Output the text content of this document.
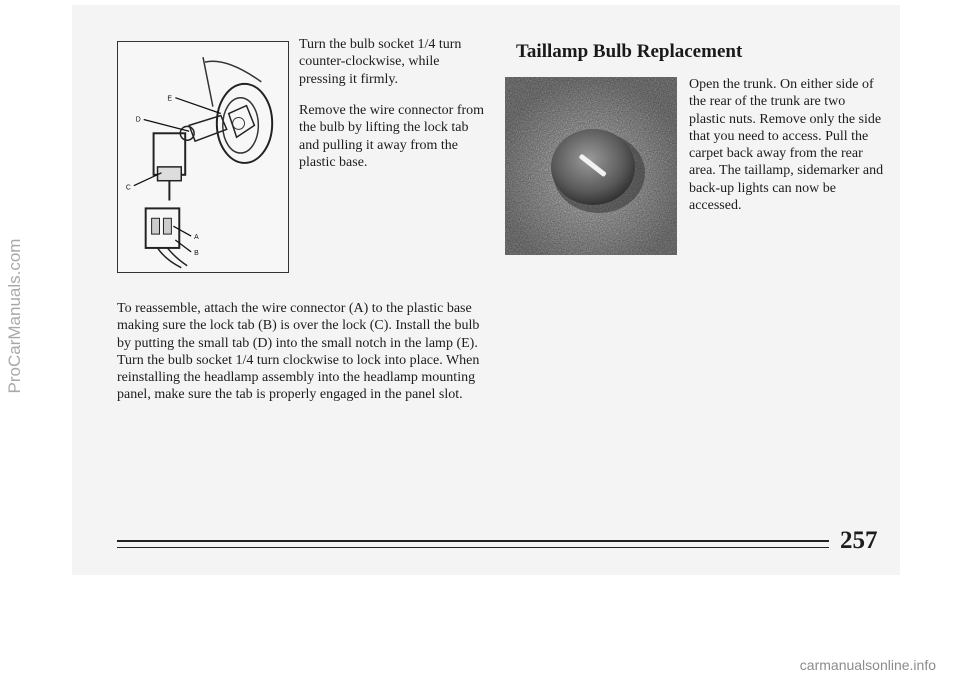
ProCarManuals.com
E
D
C
A
B

Turn the bulb socket 1/4 turn counter-clockwise, while pressing it firmly.

Remove the wire connector from the bulb by lifting the lock tab and pulling it away from the plastic base.

To reassemble, attach the wire connector (A) to the plastic base making sure the lock tab (B) is over the lock (C). Install the bulb by putting the small tab (D) into the small notch in the lamp (E). Turn the bulb socket 1/4 turn clockwise to lock into place. When reinstalling the headlamp assembly into the headlamp mounting panel, make sure the tab is properly engaged in the panel slot.

Taillamp Bulb Replacement

Open the trunk. On either side of the rear of the trunk are two plastic nuts. Remove only the side that you need to access. Pull the carpet back away from the rear area. The taillamp, sidemarker and back-up lights can now be accessed.

257

carmanualsonline.info
